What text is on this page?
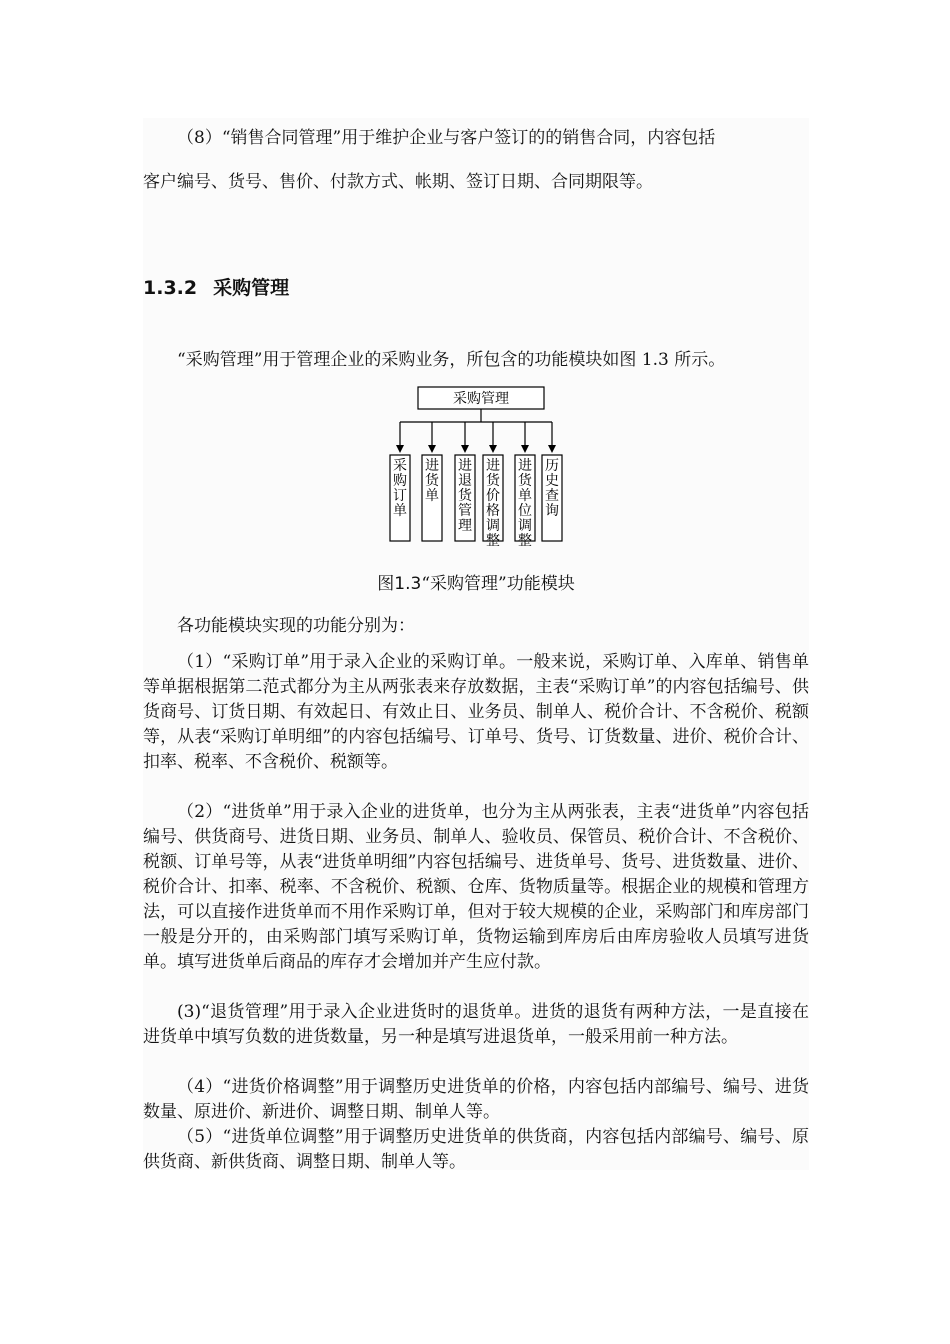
（8）“销售合同管理”用于维护企业与客户签订的的销售合同，内容包括
客户编号、货号、售价、付款方式、帐期、签订日期、合同期限等。

1.3.2 采购管理

“采购管理”用于管理企业的采购业务，所包含的功能模块如图 1.3 所示。

采购管理
采购订单
进货单
进退货管理
进货价格调整
进货单位调整
历史查询

图1.3“采购管理”功能模块

各功能模块实现的功能分别为：

（1）“采购订单”用于录入企业的采购订单。一般来说，采购订单、入库单、销售单等单据根据第二范式都分为主从两张表来存放数据，主表“采购订单”的内容包括编号、供货商号、订货日期、有效起日、有效止日、业务员、制单人、税价合计、不含税价、税额等，从表“采购订单明细”的内容包括编号、订单号、货号、订货数量、进价、税价合计、扣率、税率、不含税价、税额等。

（2）“进货单”用于录入企业的进货单，也分为主从两张表，主表“进货单”内容包括编号、供货商号、进货日期、业务员、制单人、验收员、保管员、税价合计、不含税价、税额、订单号等，从表“进货单明细”内容包括编号、进货单号、货号、进货数量、进价、税价合计、扣率、税率、不含税价、税额、仓库、货物质量等。根据企业的规模和管理方法，可以直接作进货单而不用作采购订单，但对于较大规模的企业，采购部门和库房部门一般是分开的，由采购部门填写采购订单，货物运输到库房后由库房验收人员填写进货单。填写进货单后商品的库存才会增加并产生应付款。

(3)“退货管理”用于录入企业进货时的退货单。进货的退货有两种方法，一是直接在进货单中填写负数的进货数量，另一种是填写进退货单，一般采用前一种方法。

（4）“进货价格调整”用于调整历史进货单的价格，内容包括内部编号、编号、进货数量、原进价、新进价、调整日期、制单人等。

（5）“进货单位调整”用于调整历史进货单的供货商，内容包括内部编号、编号、原供货商、新供货商、调整日期、制单人等。
